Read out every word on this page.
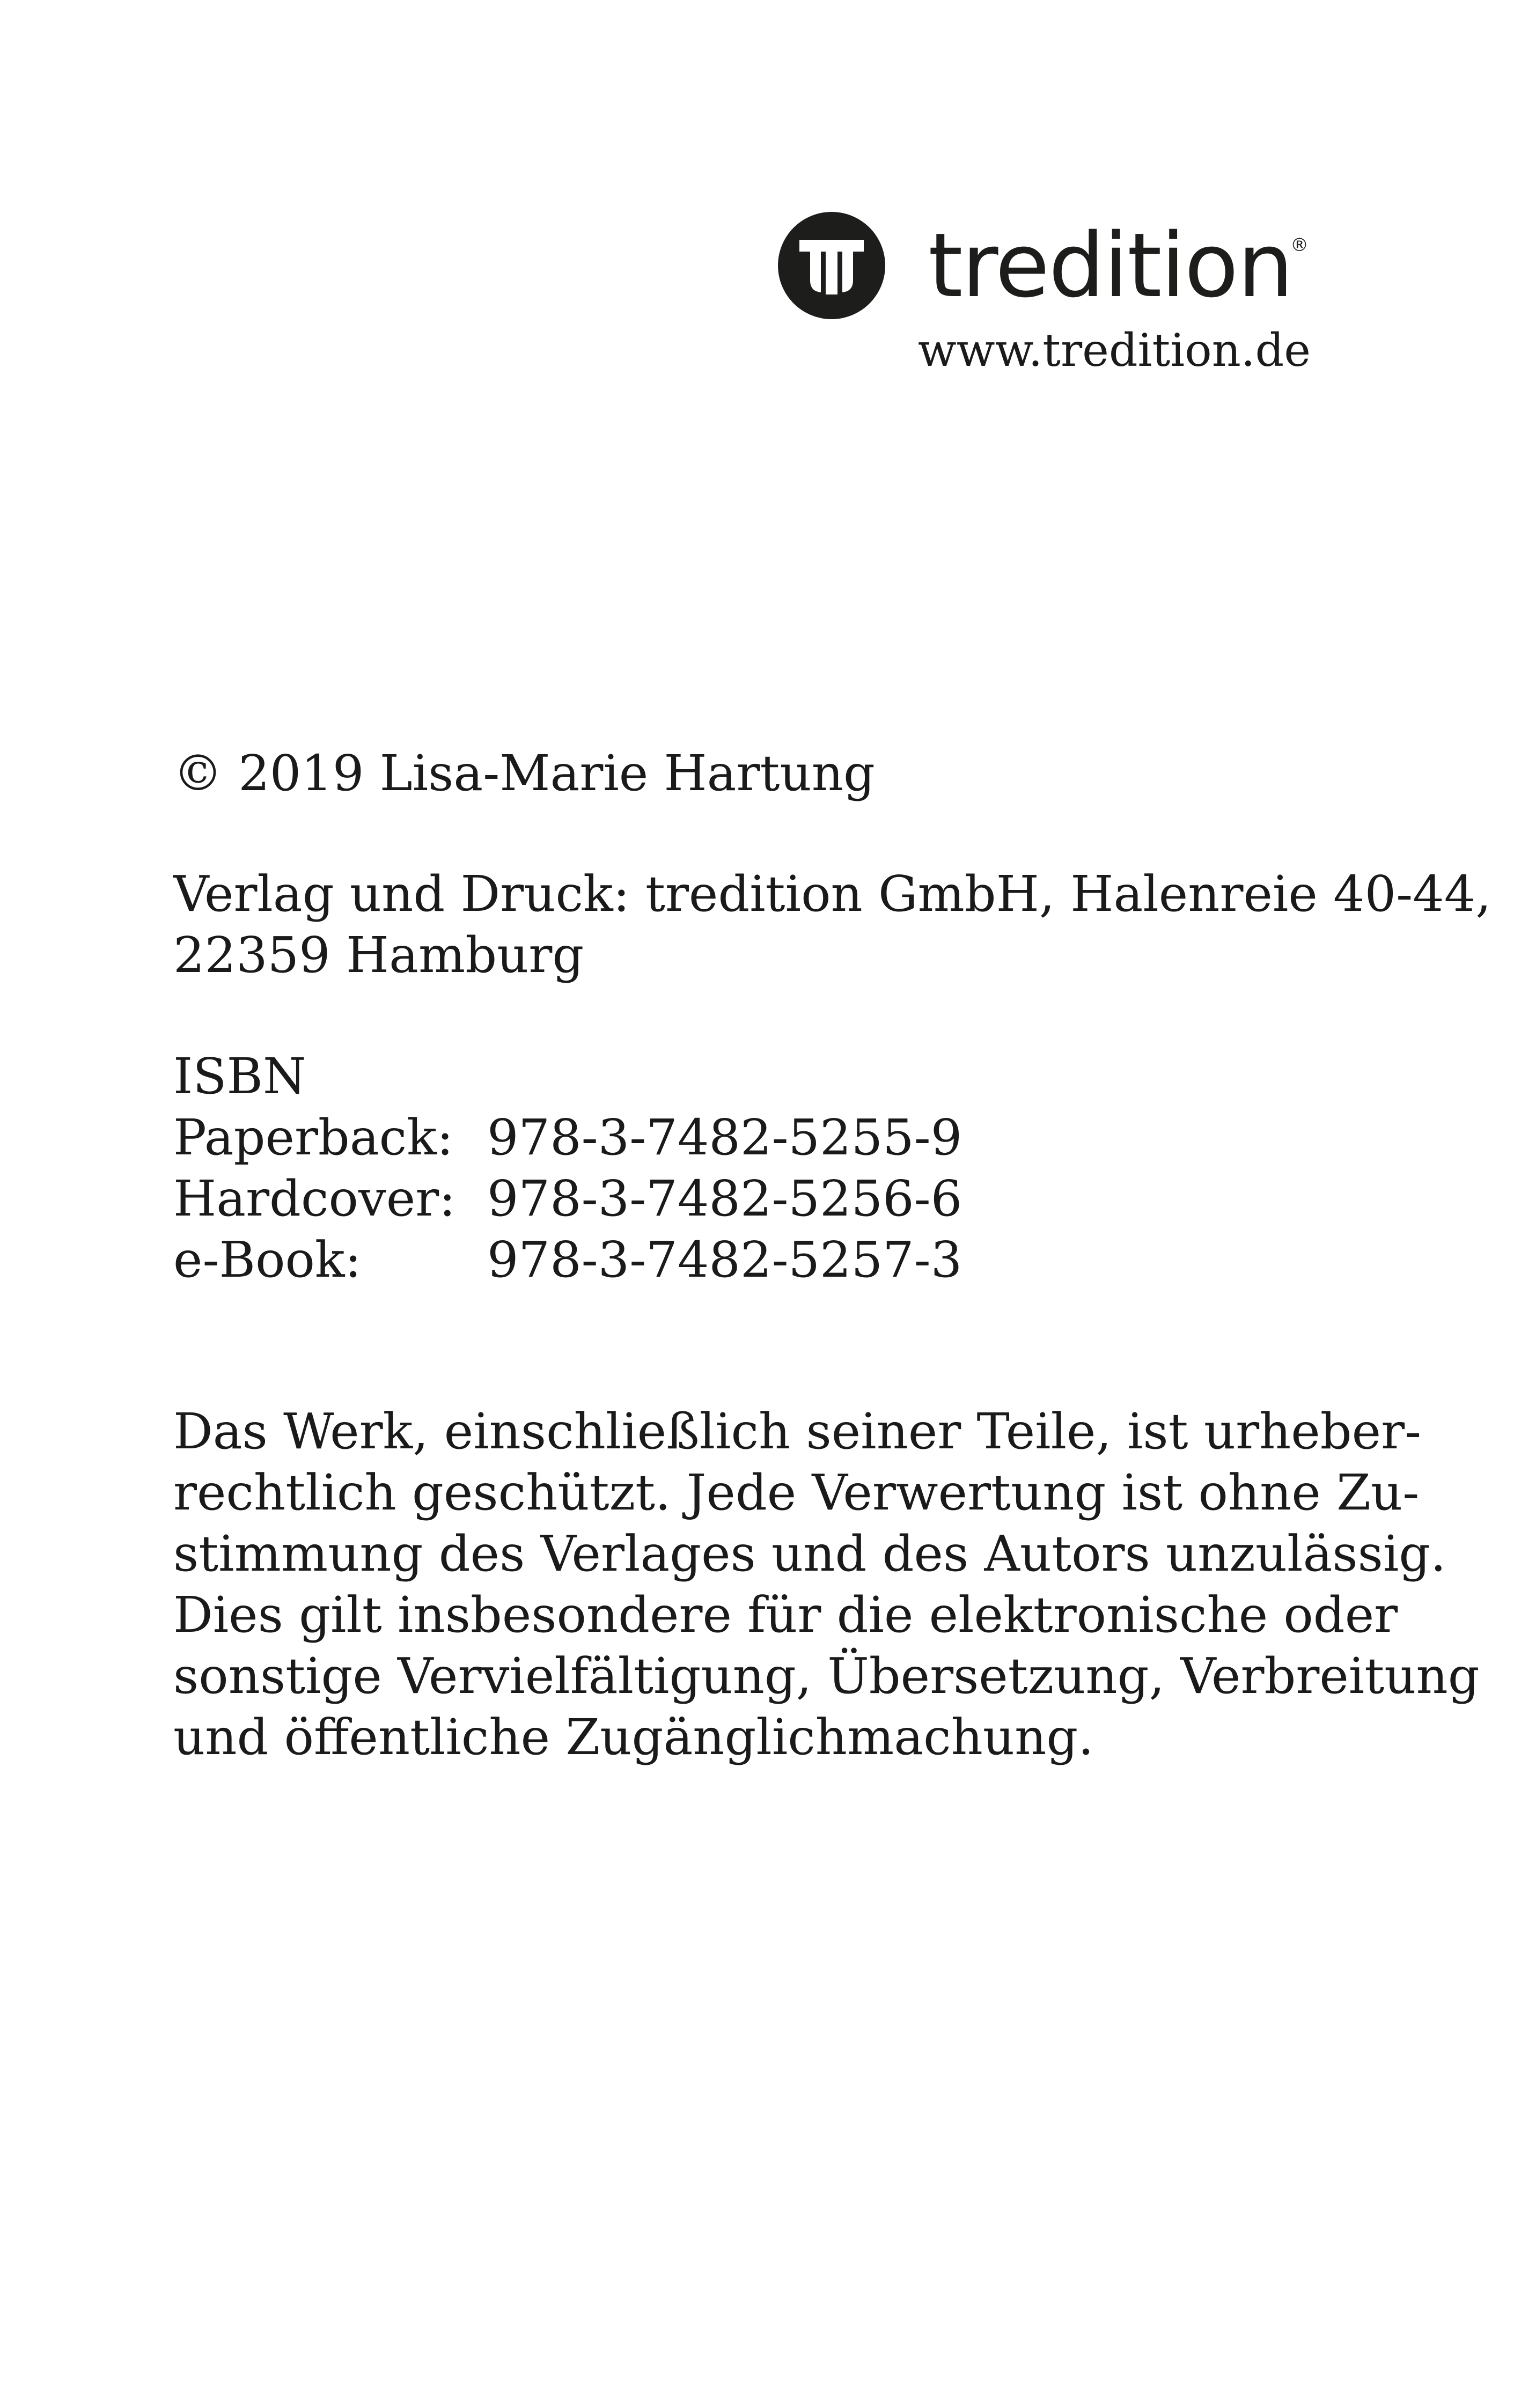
tredition
®
www.tredition.de
© 2019 Lisa-Marie Hartung
Verlag und Druck: tredition GmbH, Halenreie 40-44,
22359 Hamburg
ISBN
Paperback: 978-3-7482-5255-9
Hardcover: 978-3-7482-5256-6
e-Book:	978-3-7482-5257-3
Das Werk, einschließlich seiner Teile, ist urheber-
rechtlich geschützt. Jede Verwertung ist ohne Zu-
stimmung des Verlages und des Autors unzulässig.
Dies gilt insbesondere für die elektronische oder
sonstige Vervielfältigung, Übersetzung, Verbreitung
und öffentliche Zugänglichmachung.
